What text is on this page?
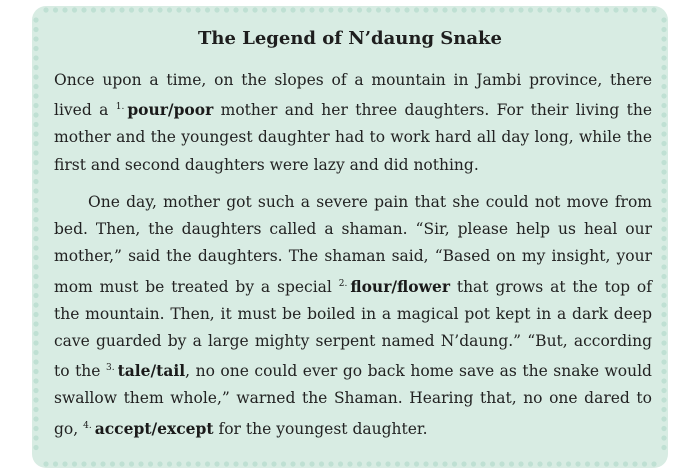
The Legend of N’daung Snake

Once upon a time, on the slopes of a mountain in Jambi province, there lived a $^{1.}$ pour/poor mother and her three daughters. For their living the mother and the youngest daughter had to work hard all day long, while the first and second daughters were lazy and did nothing.

One day, mother got such a severe pain that she could not move from bed. Then, the daughters called a shaman. “Sir, please help us heal our mother,” said the daughters. The shaman said, “Based on my insight, your mom must be treated by a special $^{2.}$ flour/flower that grows at the top of the mountain. Then, it must be boiled in a magical pot kept in a dark deep cave guarded by a large mighty serpent named N’daung.” “But, according to the $^{3.}$ tale/tail, no one could ever go back home save as the snake would swallow them whole,” warned the Shaman. Hearing that, no one dared to go, $^{4.}$ accept/except for the youngest daughter.
